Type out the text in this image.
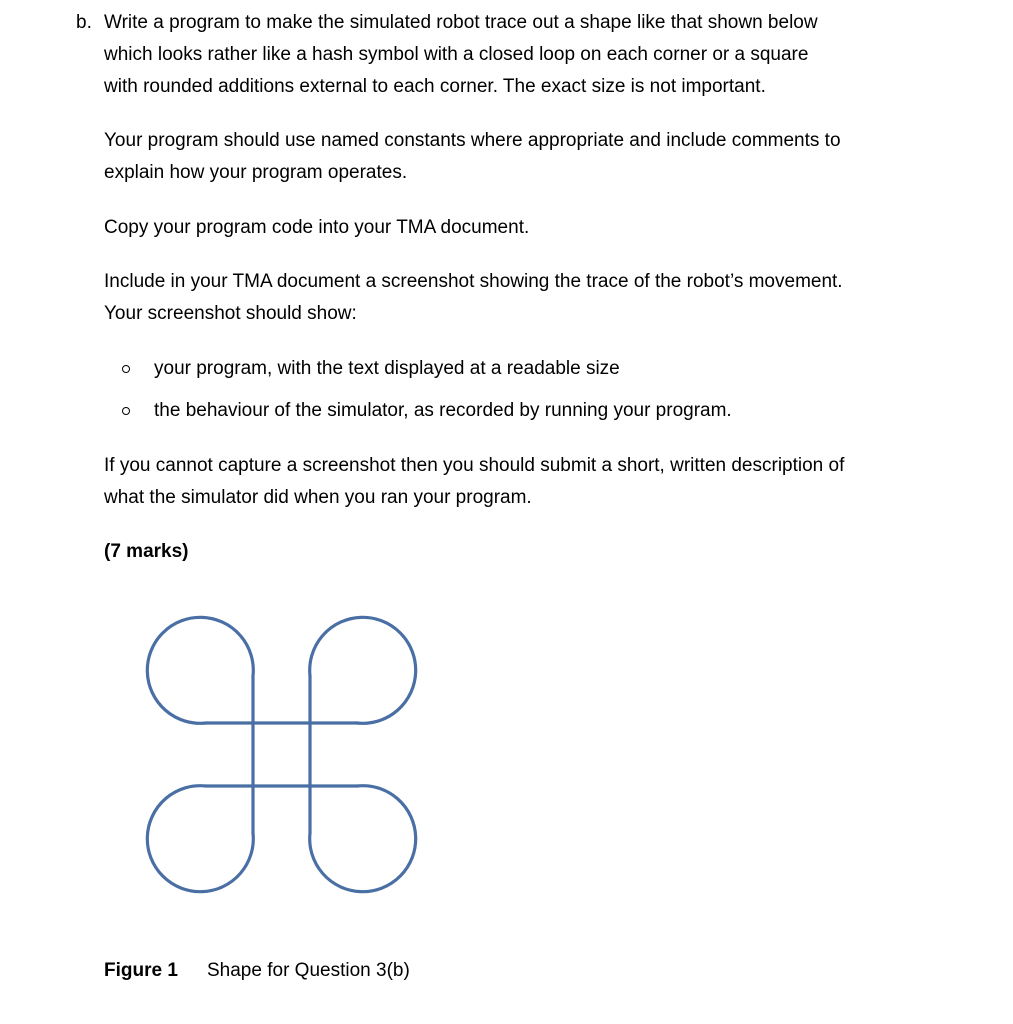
b. Write a program to make the simulated robot trace out a shape like that shown below
which looks rather like a hash symbol with a closed loop on each corner or a square
with rounded additions external to each corner. The exact size is not important.
Your program should use named constants where appropriate and include comments to
explain how your program operates.
Copy your program code into your TMA document.
Include in your TMA document a screenshot showing the trace of the robot’s movement.
Your screenshot should show:
your program, with the text displayed at a readable size
the behaviour of the simulator, as recorded by running your program.
If you cannot capture a screenshot then you should submit a short, written description of
what the simulator did when you ran your program.
(7 marks)
Figure 1 Shape for Question 3(b)
